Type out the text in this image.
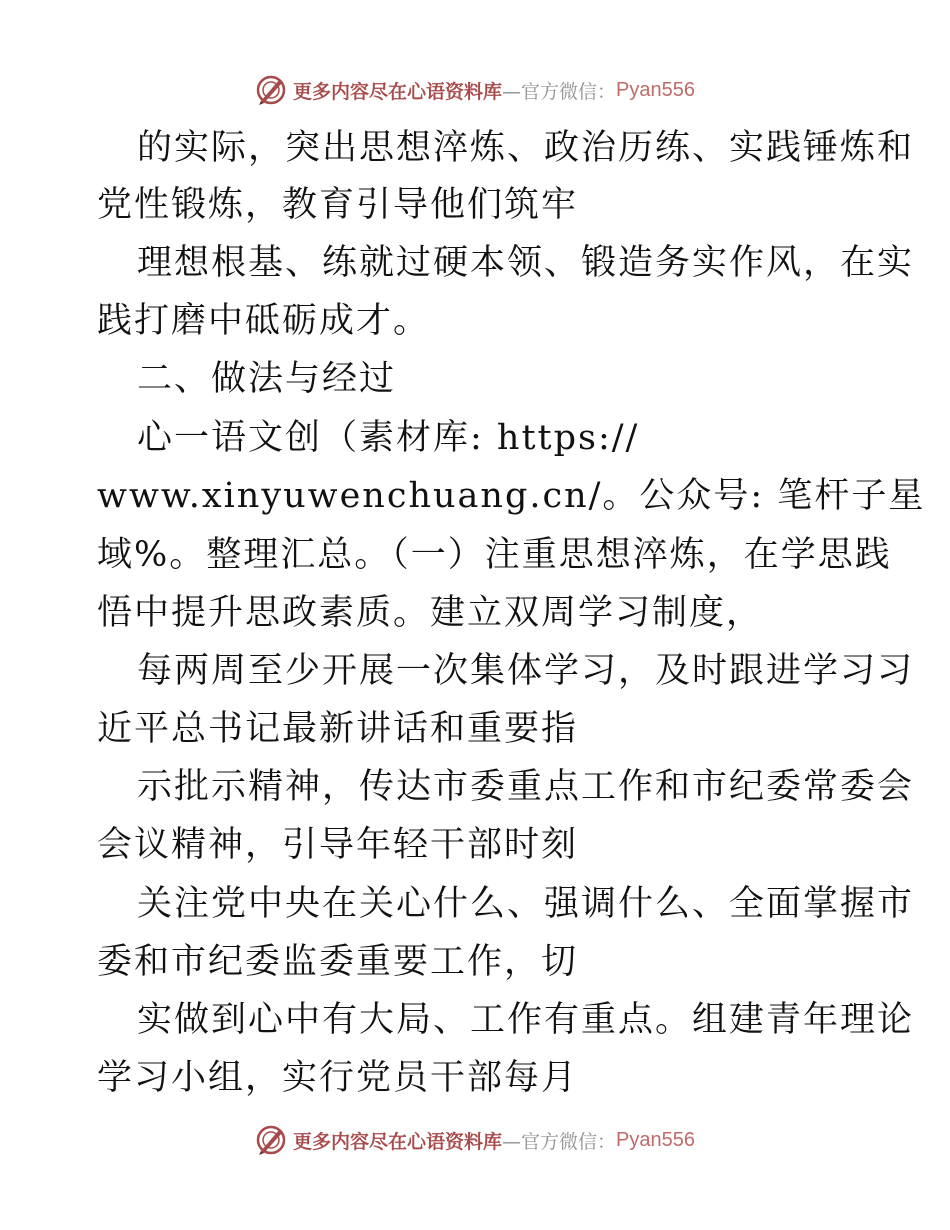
更多内容尽在心语资料库 —官方微信： Pyan556
的实际，突出思想淬炼、政治历练、实践锤炼和
党性锻炼，教育引导他们筑牢
理想根基、练就过硬本领、锻造务实作风，在实
践打磨中砥砺成才。
二、做法与经过
心一语文创（素材库: https://
www.xinyuwenchuang.cn/。公众号: 笔杆子星
域%。整理汇总。（一）注重思想淬炼，在学思践
悟中提升思政素质。建立双周学习制度，
每两周至少开展一次集体学习，及时跟进学习习
近平总书记最新讲话和重要指
示批示精神，传达市委重点工作和市纪委常委会
会议精神，引导年轻干部时刻
关注党中央在关心什么、强调什么、全面掌握市
委和市纪委监委重要工作，切
实做到心中有大局、工作有重点。组建青年理论
学习小组，实行党员干部每月
更多内容尽在心语资料库 —官方微信： Pyan556
